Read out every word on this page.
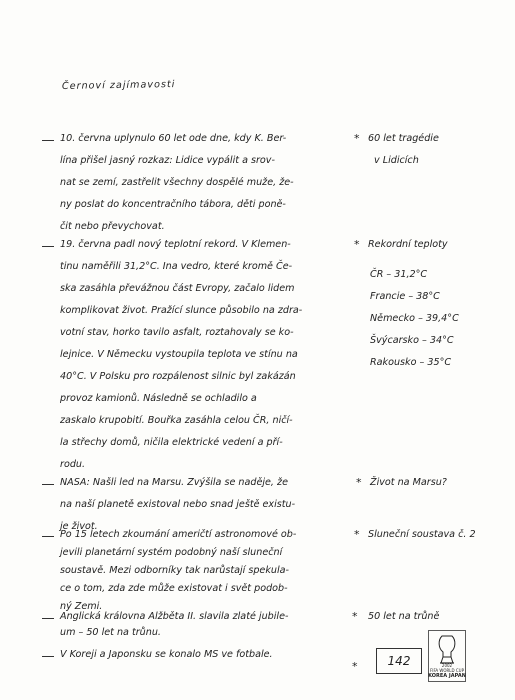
Černoví zajímavosti
10. června uplynulo 60 let ode dne, kdy K. Ber-
lína přišel jasný rozkaz: Lidice vypálit a srov-
nat se zemí, zastřelit všechny dospělé muže, že-
ny poslat do koncentračního tábora, děti poně-
čit nebo převychovat.
* 60 let tragédie
v Lidicích
19. června padl nový teplotní rekord. V Klemen-
tinu naměřili 31,2°C. Ina vedro, které kromě Če-
ska zasáhla převážnou část Evropy, začalo lidem
komplikovat život. Pražící slunce působilo na zdra-
votní stav, horko tavilo asfalt, roztahovaly se ko-
lejnice. V Německu vystoupila teplota ve stínu na
40°C. V Polsku pro rozpálenost silnic byl zakázán
provoz kamionů. Následně se ochladilo a
zaskalo krupobití. Bouřka zasáhla celou ČR, ničí-
la střechy domů, ničila elektrické vedení a pří-
rodu.
* Rekordní teploty
ČR – 31,2°C
Francie – 38°C
Německo – 39,4°C
Švýcarsko – 34°C
Rakousko – 35°C
NASA: Našli led na Marsu. Zvýšila se naděje, že
na naší planetě existoval nebo snad ještě existu-
je život.
* Život na Marsu?
Po 15 letech zkoumání američtí astronomové ob-
jevili planetární systém podobný naší sluneční
soustavě. Mezi odborníky tak narůstají spekula-
ce o tom, zda zde může existovat i svět podob-
ný Zemi.
* Sluneční soustava č. 2
142	2002
FIFA WORLD CUP
KOREA JAPAN
Anglická královna Alžběta II. slavila zlaté jubile-
um – 50 let na trůnu.
* 50 let na trůně
V Koreji a Japonsku se konalo MS ve fotbale.
*
